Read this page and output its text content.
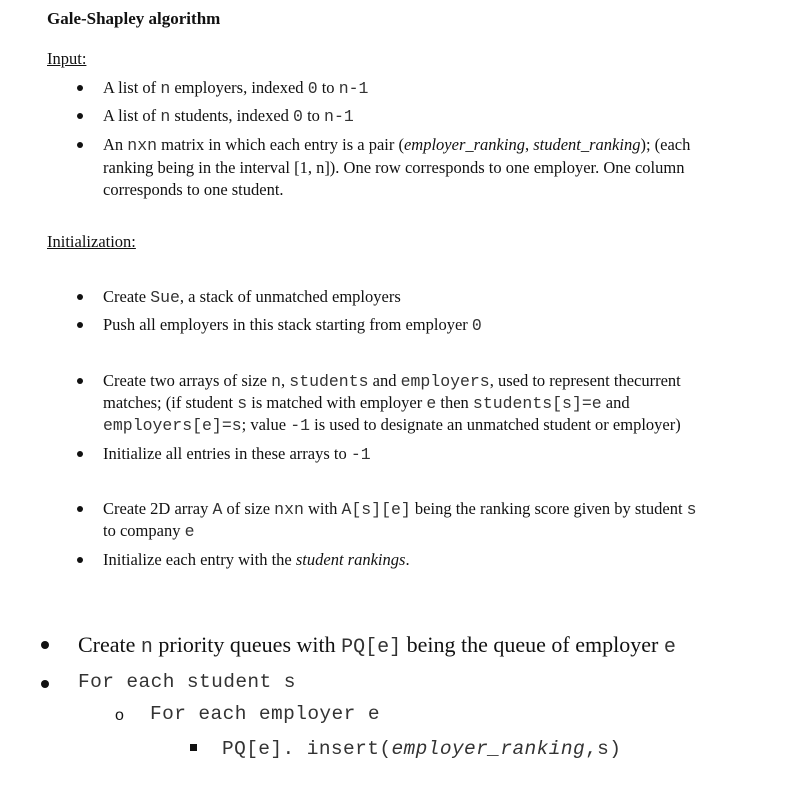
Gale-Shapley algorithm
Input:
A list of n employers, indexed 0 to n-1
A list of n students, indexed 0 to n-1
An nxn matrix in which each entry is a pair (employer_ranking, student_ranking); (each
ranking being in the interval [1, n]). One row corresponds to one employer. One column
corresponds to one student.
Initialization:
Create Sue, a stack of unmatched employers
Push all employers in this stack starting from employer 0
Create two arrays of size n, students and employers, used to represent thecurrent
matches; (if student s is matched with employer e then students[s]=e and
employers[e]=s; value -1 is used to designate an unmatched student or employer)
Initialize all entries in these arrays to -1
Create 2D array A of size nxn with A[s][e] being the ranking score given by student s
to company e
Initialize each entry with the student rankings.
Create n priority queues with PQ[e] being the queue of employer e
For each student s
o For each employer e
PQ[e]. insert(employer_ranking,s)
